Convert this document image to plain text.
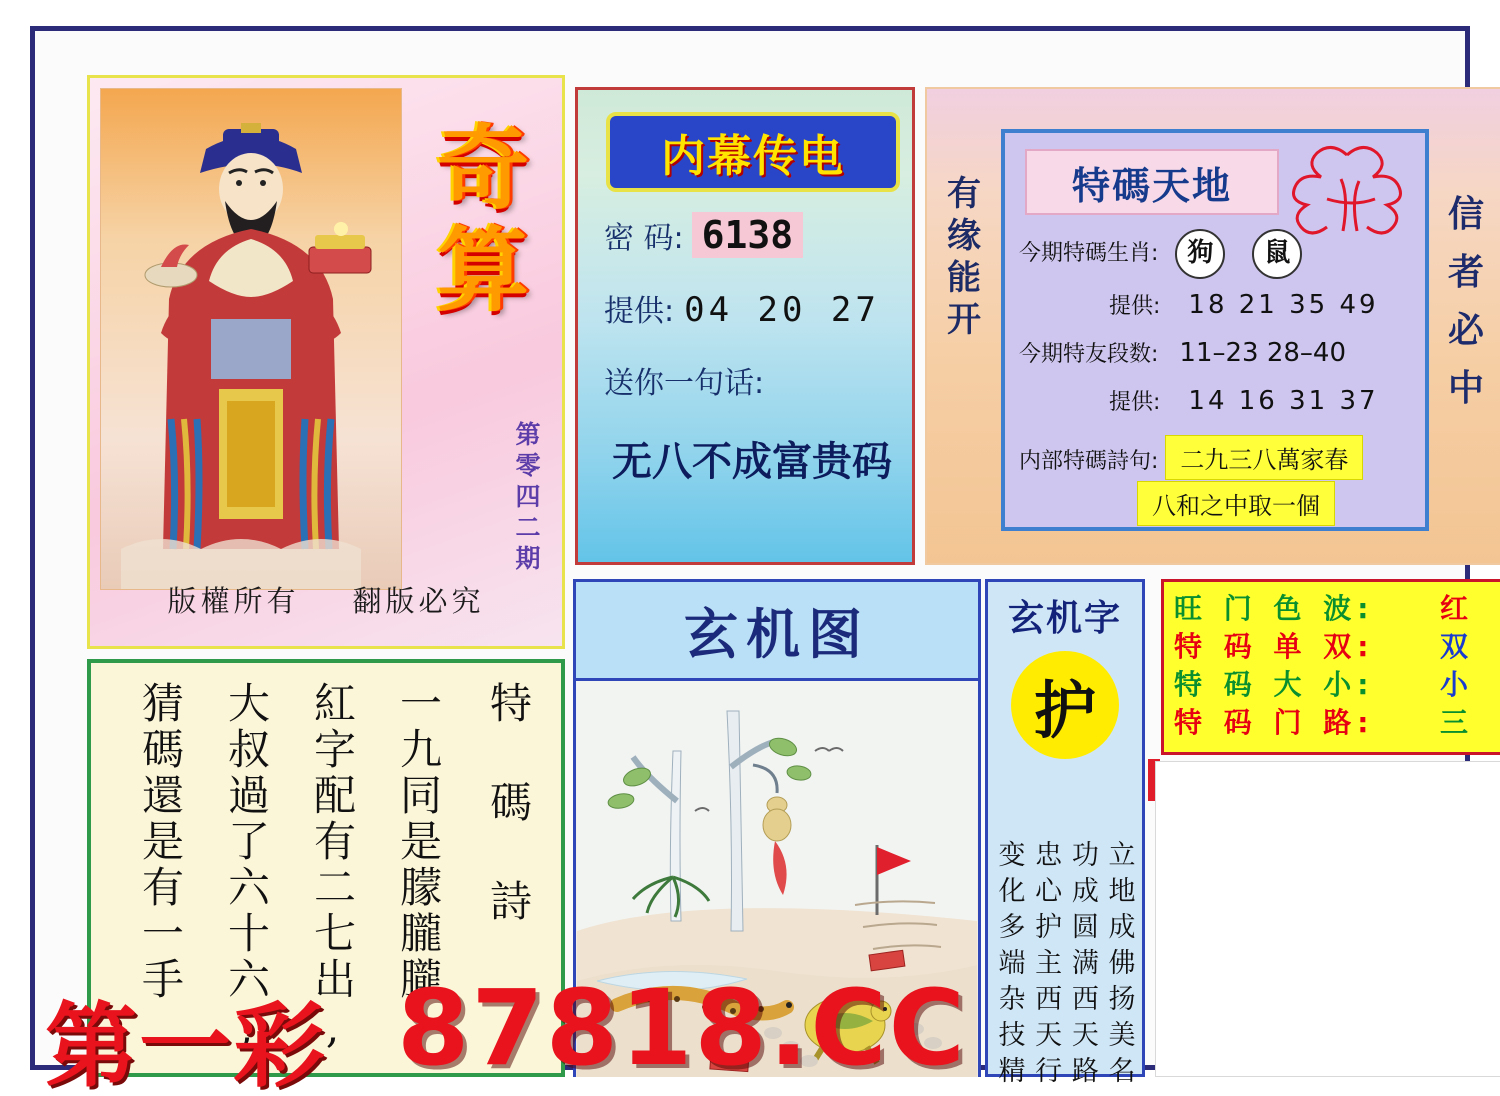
奇
算
第零四二期
版權所有 翻版必究
内幕传电
密 码: 6138
提供: 04 20 27
送你一句话:
无八不成富贵码
有缘能开
信者必中
特碼天地
今期特碼生肖: 狗 鼠
提供: 18 21 35 49
今期特友段数: 11–23 28–40
提供: 14 16 31 37
内部特碼詩句: 二九三八萬家春
八和之中取一個
特 碼 詩
一九同是朦朧朧,
紅字配有二七出,
大叔過了六十六,
猜碼還是有一手
玄机图	玄机字
护
立地成佛扬美名
功成圆满西天路
忠心护主西天行
变化多端杂技精
旺 门 色 波:	红
特 码 单 双:	双
特 码 大 小:	小
特 码 门 路:	三
第一彩 87818.CC
